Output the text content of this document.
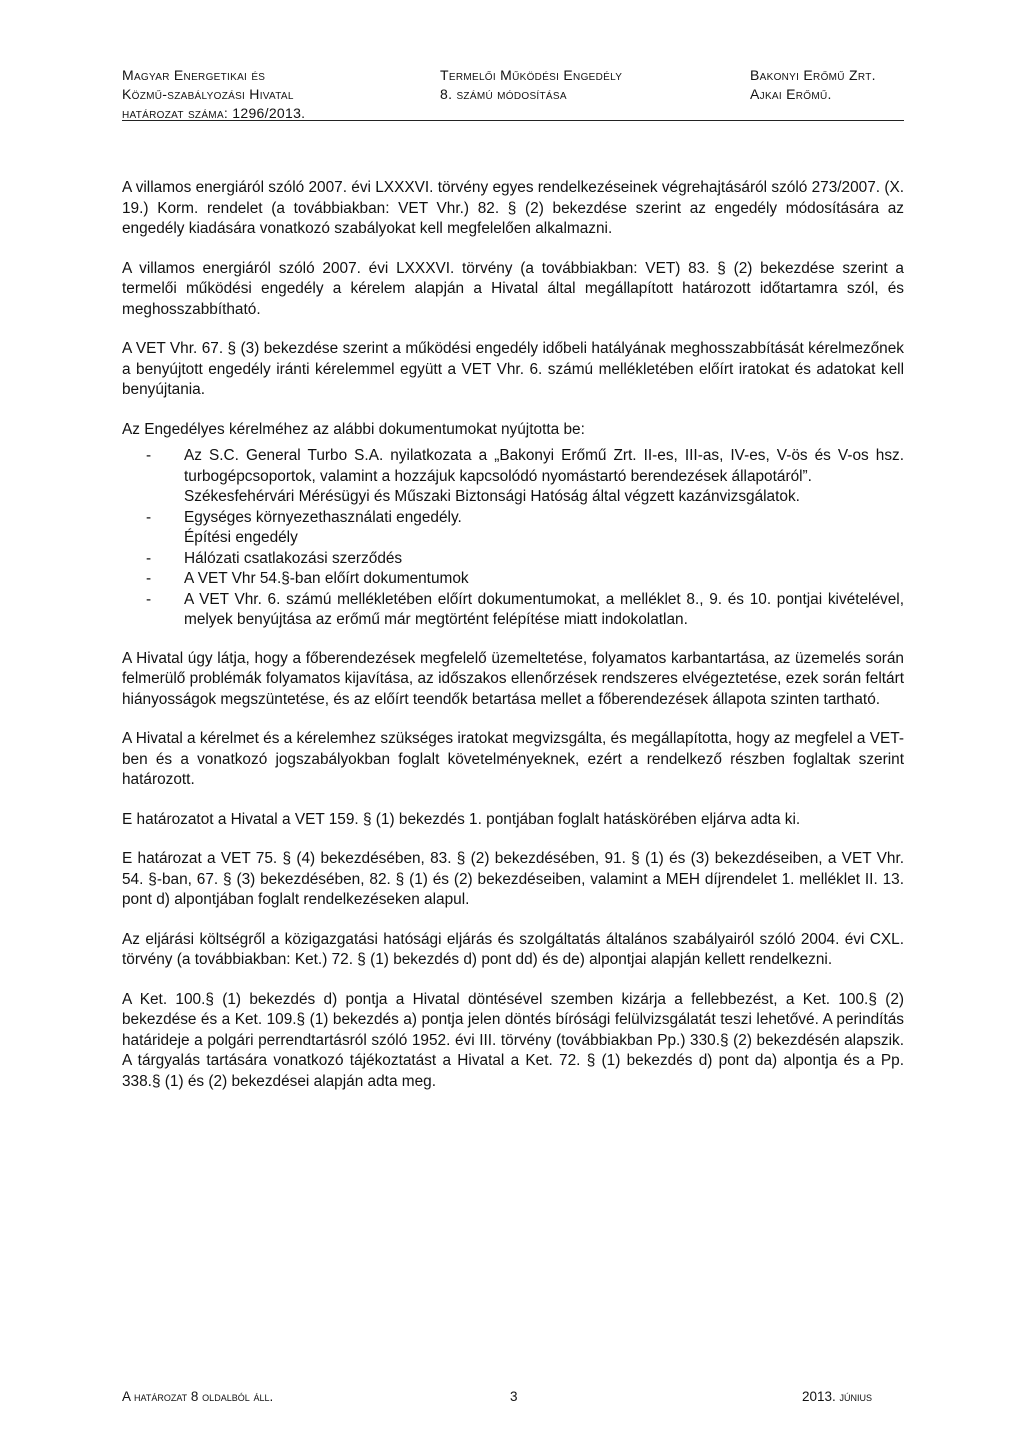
Magyar Energetikai és
Közmű-szabályozási Hivatal
határozat száma: 1296/2013.
Termelői Működési Engedély
8. számú módosítása
Bakonyi Erőmű Zrt.
Ajkai Erőmű.

A villamos energiáról szóló 2007. évi LXXXVI. törvény egyes rendelkezéseinek végrehajtásáról szóló 273/2007. (X. 19.) Korm. rendelet (a továbbiakban: VET Vhr.) 82. § (2) bekezdése szerint az engedély módosítására az engedély kiadására vonatkozó szabályokat kell megfelelően alkalmazni.

A villamos energiáról szóló 2007. évi LXXXVI. törvény (a továbbiakban: VET) 83. § (2) bekezdése szerint a termelői működési engedély a kérelem alapján a Hivatal által megállapított határozott időtartamra szól, és meghosszabbítható.

A VET Vhr. 67. § (3) bekezdése szerint a működési engedély időbeli hatályának meghosszabbítását kérelmezőnek a benyújtott engedély iránti kérelemmel együtt a VET Vhr. 6. számú mellékletében előírt iratokat és adatokat kell benyújtania.

Az Engedélyes kérelméhez az alábbi dokumentumokat nyújtotta be:

- Az S.C. General Turbo S.A. nyilatkozata a „Bakonyi Erőmű Zrt. II-es, III-as, IV-es, V-ös és V-os hsz. turbogépcsoportok, valamint a hozzájuk kapcsolódó nyomástartó berendezések állapotáról”.
Székesfehérvári Mérésügyi és Műszaki Biztonsági Hatóság által végzett kazánvizsgálatok.
- Egységes környezethasználati engedély.
Építési engedély
- Hálózati csatlakozási szerződés
- A VET Vhr 54.§-ban előírt dokumentumok
- A VET Vhr. 6. számú mellékletében előírt dokumentumokat, a melléklet 8., 9. és 10. pontjai kivételével, melyek benyújtása az erőmű már megtörtént felépítése miatt indokolatlan.

A Hivatal úgy látja, hogy a főberendezések megfelelő üzemeltetése, folyamatos karbantartása, az üzemelés során felmerülő problémák folyamatos kijavítása, az időszakos ellenőrzések rendszeres elvégeztetése, ezek során feltárt hiányosságok megszüntetése, és az előírt teendők betartása mellet a főberendezések állapota szinten tartható.

A Hivatal a kérelmet és a kérelemhez szükséges iratokat megvizsgálta, és megállapította, hogy az megfelel a VET-ben és a vonatkozó jogszabályokban foglalt követelményeknek, ezért a rendelkező részben foglaltak szerint határozott.

E határozatot a Hivatal a VET 159. § (1) bekezdés 1. pontjában foglalt hatáskörében eljárva adta ki.

E határozat a VET 75. § (4) bekezdésében, 83. § (2) bekezdésében, 91. § (1) és (3) bekezdéseiben, a VET Vhr. 54. §-ban, 67. § (3) bekezdésében, 82. § (1) és (2) bekezdéseiben, valamint a MEH díjrendelet 1. melléklet II. 13. pont d) alpontjában foglalt rendelkezéseken alapul.

Az eljárási költségről a közigazgatási hatósági eljárás és szolgáltatás általános szabályairól szóló 2004. évi CXL. törvény (a továbbiakban: Ket.) 72. § (1) bekezdés d) pont dd) és de) alpontjai alapján kellett rendelkezni.

A Ket. 100.§ (1) bekezdés d) pontja a Hivatal döntésével szemben kizárja a fellebbezést, a Ket. 100.§ (2) bekezdése és a Ket. 109.§ (1) bekezdés a) pontja jelen döntés bírósági felülvizsgálatát teszi lehetővé. A perindítás határideje a polgári perrendtartásról szóló 1952. évi III. törvény (továbbiakban Pp.) 330.§ (2) bekezdésén alapszik. A tárgyalás tartására vonatkozó tájékoztatást a Hivatal a Ket. 72. § (1) bekezdés d) pont da) alpontja és a Pp. 338.§ (1) és (2) bekezdései alapján adta meg.

A határozat 8 oldalból áll.	3	2013. június
